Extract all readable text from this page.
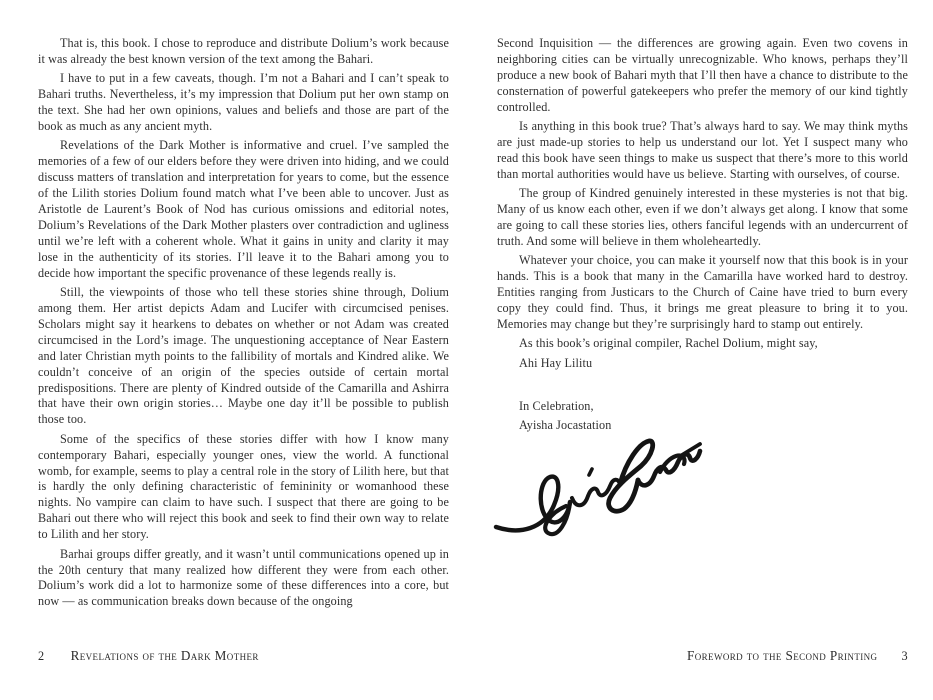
That is, this book. I chose to reproduce and distribute Dolium’s work because it was already the best known version of the text among the Bahari.

I have to put in a few caveats, though. I’m not a Bahari and I can’t speak to Bahari truths. Nevertheless, it’s my impression that Dolium put her own stamp on the text. She had her own opinions, values and beliefs and those are part of the book as much as any ancient myth.

Revelations of the Dark Mother is informative and cruel. I’ve sampled the memories of a few of our elders before they were driven into hiding, and we could discuss matters of translation and interpretation for years to come, but the essence of the Lilith stories Dolium found match what I’ve been able to uncover. Just as Aristotle de Laurent’s Book of Nod has curious omissions and editorial notes, Dolium’s Revelations of the Dark Mother plasters over contradiction and ugliness until we’re left with a coherent whole. What it gains in unity and clarity it may lose in the authenticity of its stories. I’ll leave it to the Bahari among you to decide how important the specific provenance of these legends really is.

Still, the viewpoints of those who tell these stories shine through, Dolium among them. Her artist depicts Adam and Lucifer with circumcised penises. Scholars might say it hearkens to debates on whether or not Adam was created circumcised in the Lord’s image. The unquestioning acceptance of Near Eastern and later Christian myth points to the fallibility of mortals and Kindred alike. We couldn’t conceive of an origin of the species outside of certain mortal predispositions. There are plenty of Kindred outside of the Camarilla and Ashirra that have their own origin stories… Maybe one day it’ll be possible to publish those too.

Some of the specifics of these stories differ with how I know many contemporary Bahari, especially younger ones, view the world. A functional womb, for example, seems to play a central role in the story of Lilith here, but that is hardly the only defining characteristic of femininity or womanhood these nights. No vampire can claim to have such. I suspect that there are going to be Bahari out there who will reject this book and seek to find their own way to relate to Lilith and her story.

Barhai groups differ greatly, and it wasn’t until communications opened up in the 20th century that many realized how different they were from each other. Dolium’s work did a lot to harmonize some of these differences into a core, but now — as communication breaks down because of the ongoing

Second Inquisition — the differences are growing again. Even two covens in neighboring cities can be virtually unrecognizable. Who knows, perhaps they’ll produce a new book of Bahari myth that I’ll then have a chance to distribute to the consternation of powerful gatekeepers who prefer the memory of our kind tightly controlled.

Is anything in this book true? That’s always hard to say. We may think myths are just made-up stories to help us understand our lot. Yet I suspect many who read this book have seen things to make us suspect that there’s more to this world than mortal authorities would have us believe. Starting with ourselves, of course.

The group of Kindred genuinely interested in these mysteries is not that big. Many of us know each other, even if we don’t always get along. I know that some are going to call these stories lies, others fanciful legends with an undercurrent of truth. And some will believe in them wholeheartedly.

Whatever your choice, you can make it yourself now that this book is in your hands. This is a book that many in the Camarilla have worked hard to destroy. Entities ranging from Justicars to the Church of Caine have tried to burn every copy they could find. Thus, it brings me great pleasure to bring it to you. Memories may change but they’re surprisingly hard to stamp out entirely.

As this book’s original compiler, Rachel Dolium, might say,

Ahi Hay Lilitu

In Celebration,

Ayisha Jocastation

2 Revelations of the Dark Mother	Foreword to the Second Printing 3
